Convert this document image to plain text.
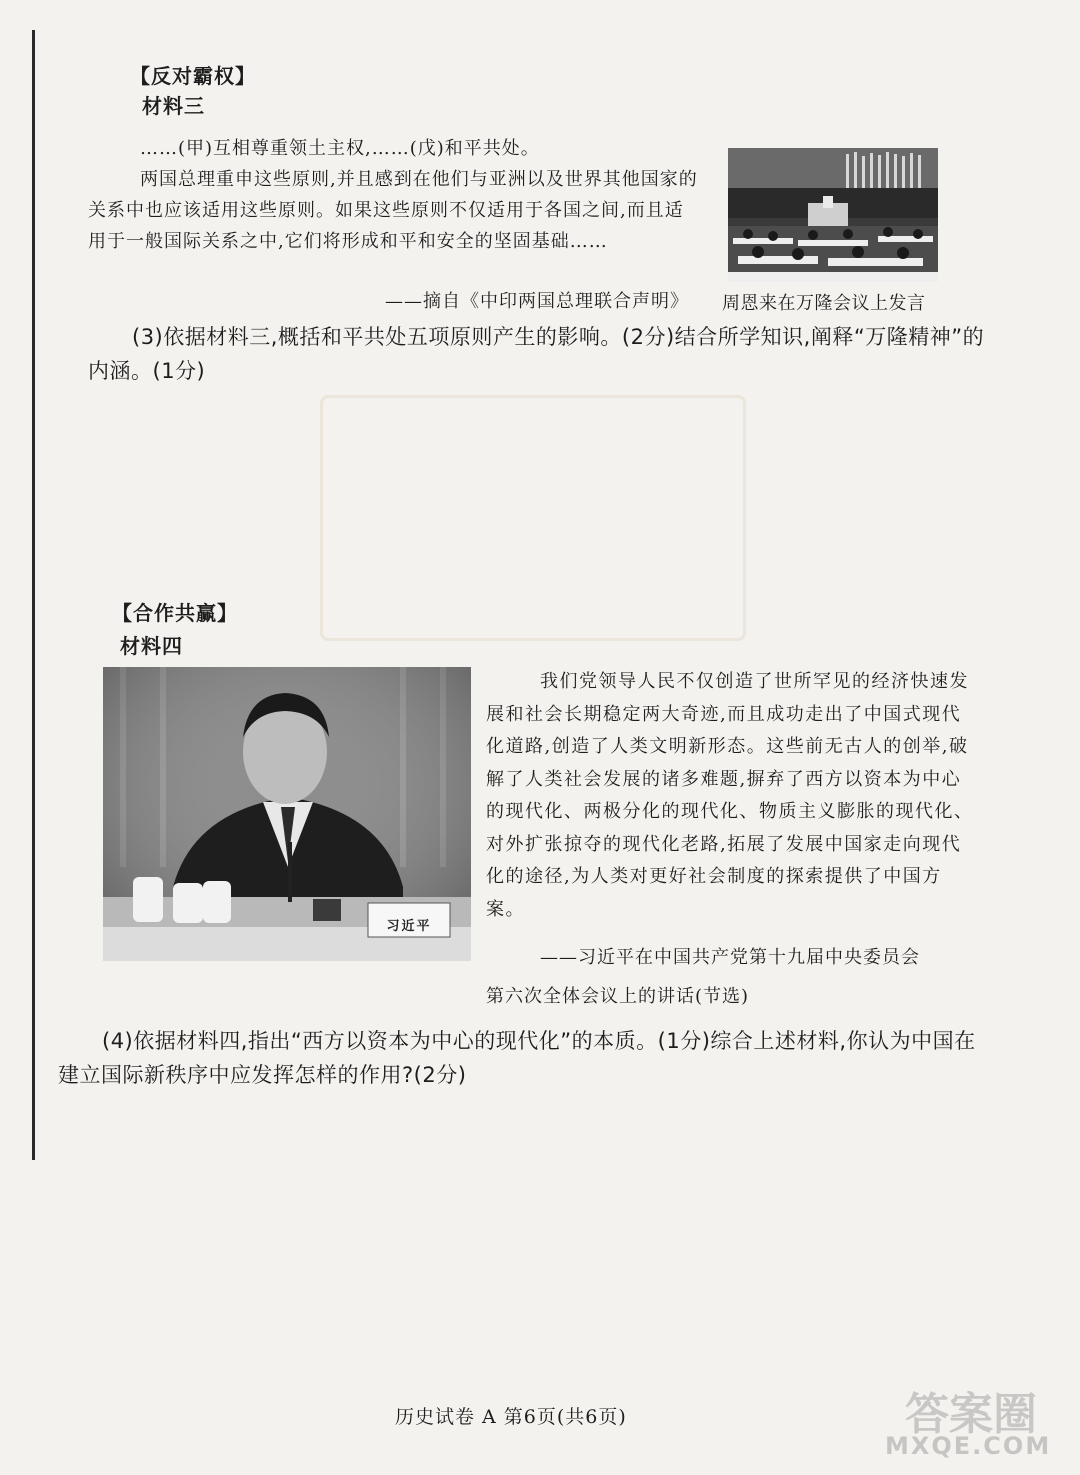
【反对霸权】
材料三

……(甲)互相尊重领土主权,……(戊)和平共处。

两国总理重申这些原则,并且感到在他们与亚洲以及世界其他国家的关系中也应该适用这些原则。如果这些原则不仅适用于各国之间,而且适用于一般国际关系之中,它们将形成和平和安全的坚固基础……

——摘自《中印两国总理联合声明》 周恩来在万隆会议上发言

(3)依据材料三,概括和平共处五项原则产生的影响。(2分)结合所学知识,阐释“万隆精神”的内涵。(1分)

【合作共赢】
材料四
习近平

我们党领导人民不仅创造了世所罕见的经济快速发展和社会长期稳定两大奇迹,而且成功走出了中国式现代化道路,创造了人类文明新形态。这些前无古人的创举,破解了人类社会发展的诸多难题,摒弃了西方以资本为中心的现代化、两极分化的现代化、物质主义膨胀的现代化、对外扩张掠夺的现代化老路,拓展了发展中国家走向现代化的途径,为人类对更好社会制度的探索提供了中国方案。

——习近平在中国共产党第十九届中央委员会
第六次全体会议上的讲话(节选)

(4)依据材料四,指出“西方以资本为中心的现代化”的本质。(1分)综合上述材料,你认为中国在建立国际新秩序中应发挥怎样的作用?(2分)

历史试卷 A 第6页(共6页)	答案圈
MXQE.COM
